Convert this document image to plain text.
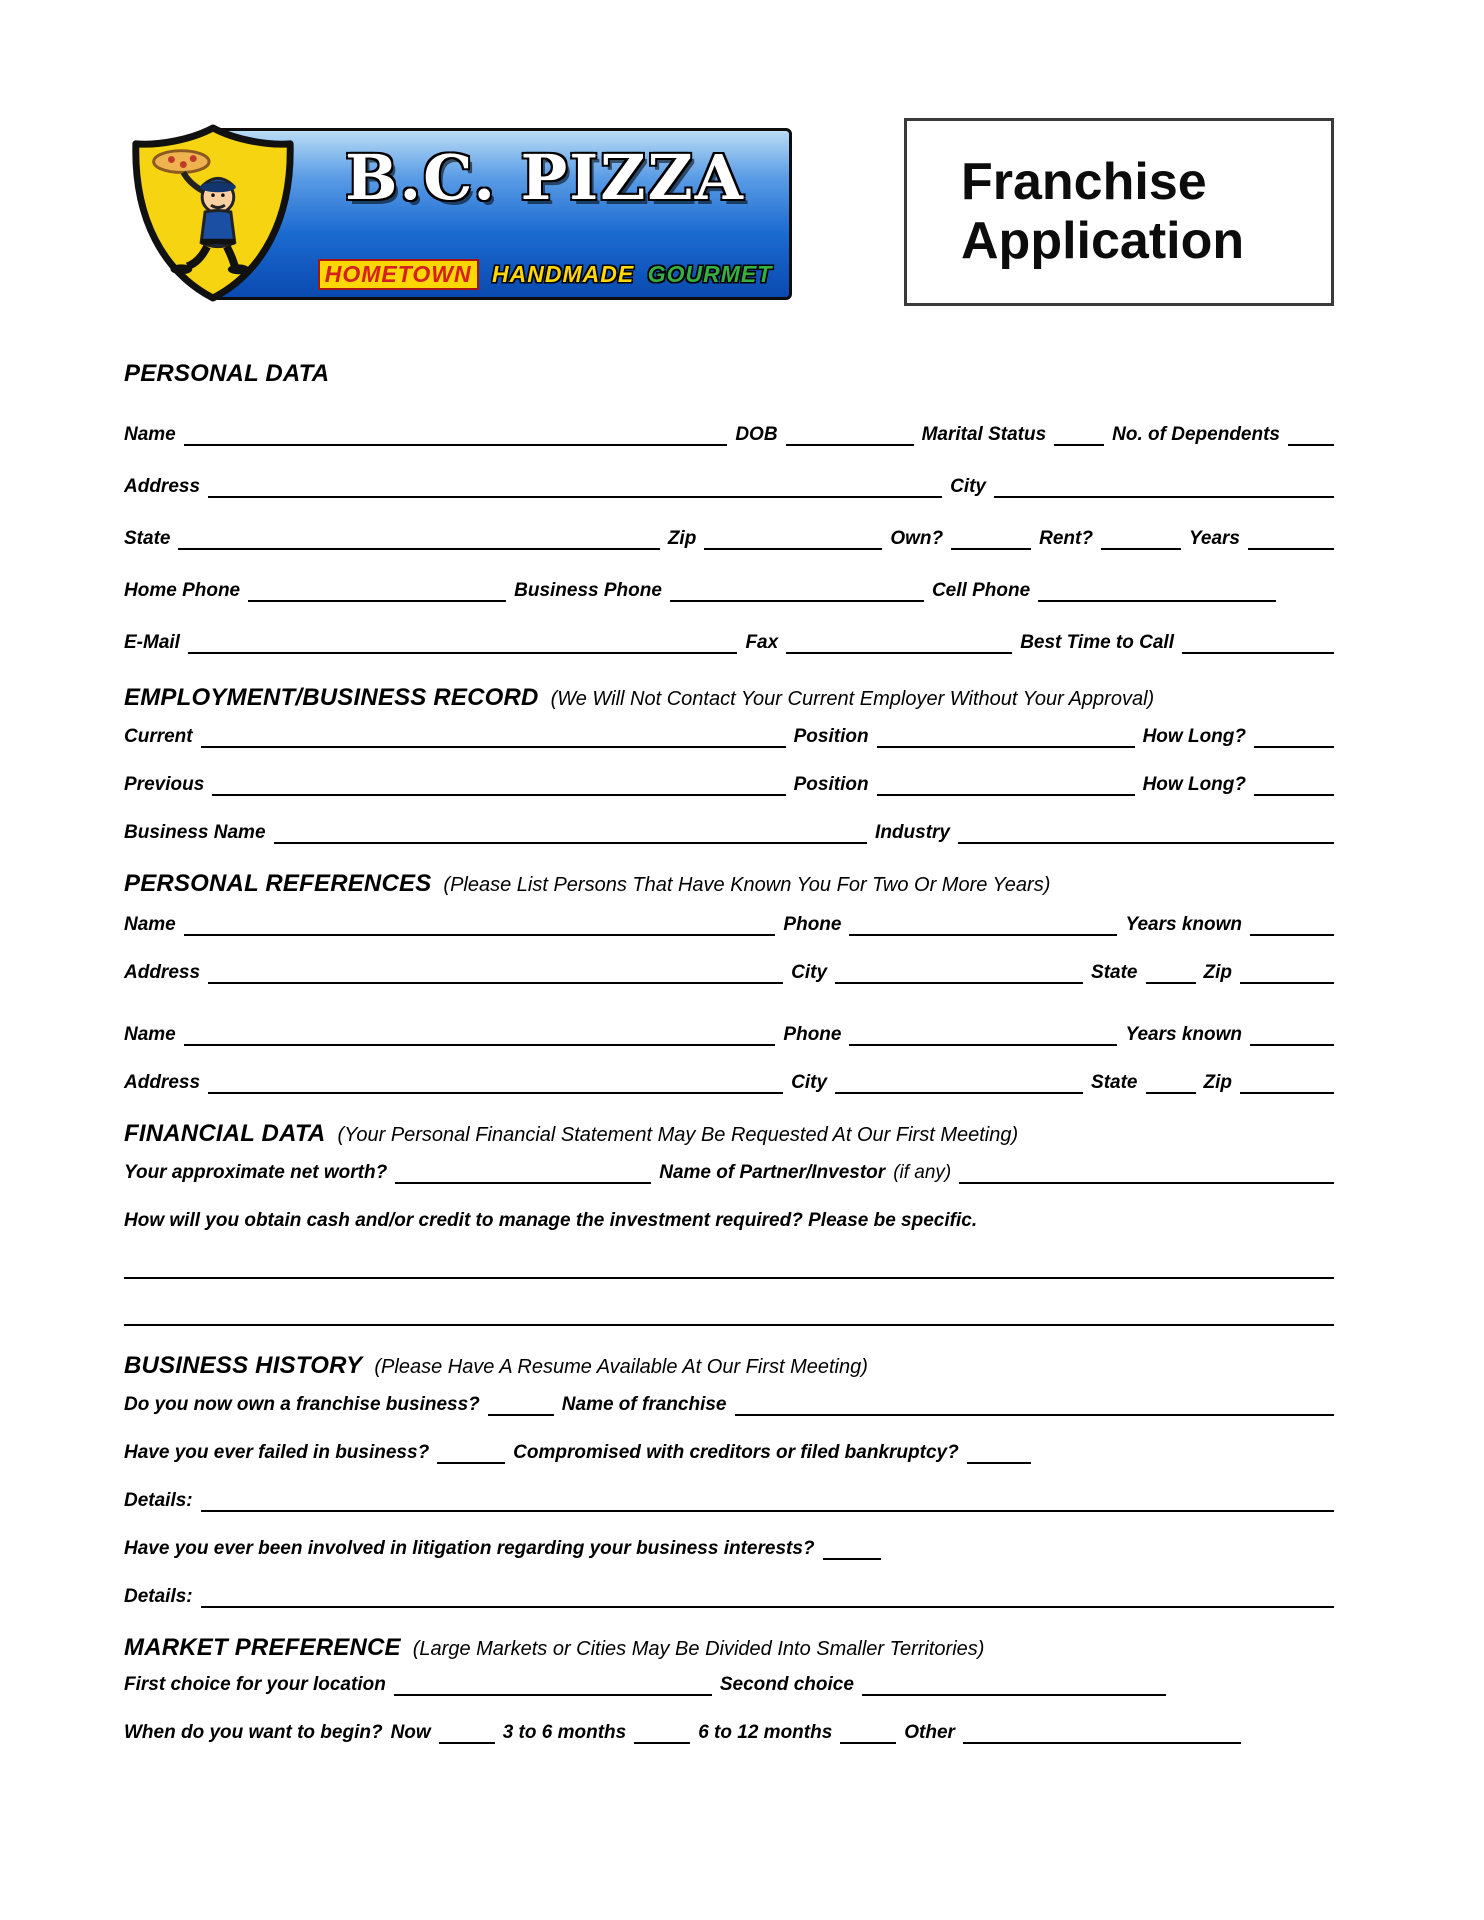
B.C. PIZZA
HOMETOWN HANDMADE GOURMET
Franchise
Application
PERSONAL DATA
Name	DOB	Marital Status	No. of Dependents
Address	City
State	Zip	Own?	Rent?	Years
Home Phone	Business Phone	Cell Phone
E-Mail	Fax	Best Time to Call
EMPLOYMENT/BUSINESS RECORD (We Will Not Contact Your Current Employer Without Your Approval)
Current	Position	How Long?
Previous	Position	How Long?
Business Name	Industry
PERSONAL REFERENCES (Please List Persons That Have Known You For Two Or More Years)
Name	Phone	Years known
Address	City	State	Zip
Name	Phone	Years known
Address	City	State	Zip
FINANCIAL DATA (Your Personal Financial Statement May Be Requested At Our First Meeting)
Your approximate net worth?	Name of Partner/Investor (if any)
How will you obtain cash and/or credit to manage the investment required? Please be specific.
BUSINESS HISTORY (Please Have A Resume Available At Our First Meeting)
Do you now own a franchise business?	Name of franchise
Have you ever failed in business?	Compromised with creditors or filed bankruptcy?
Details:
Have you ever been involved in litigation regarding your business interests?
Details:
MARKET PREFERENCE (Large Markets or Cities May Be Divided Into Smaller Territories)
First choice for your location	Second choice
When do you want to begin? Now	3 to 6 months	6 to 12 months	Other
